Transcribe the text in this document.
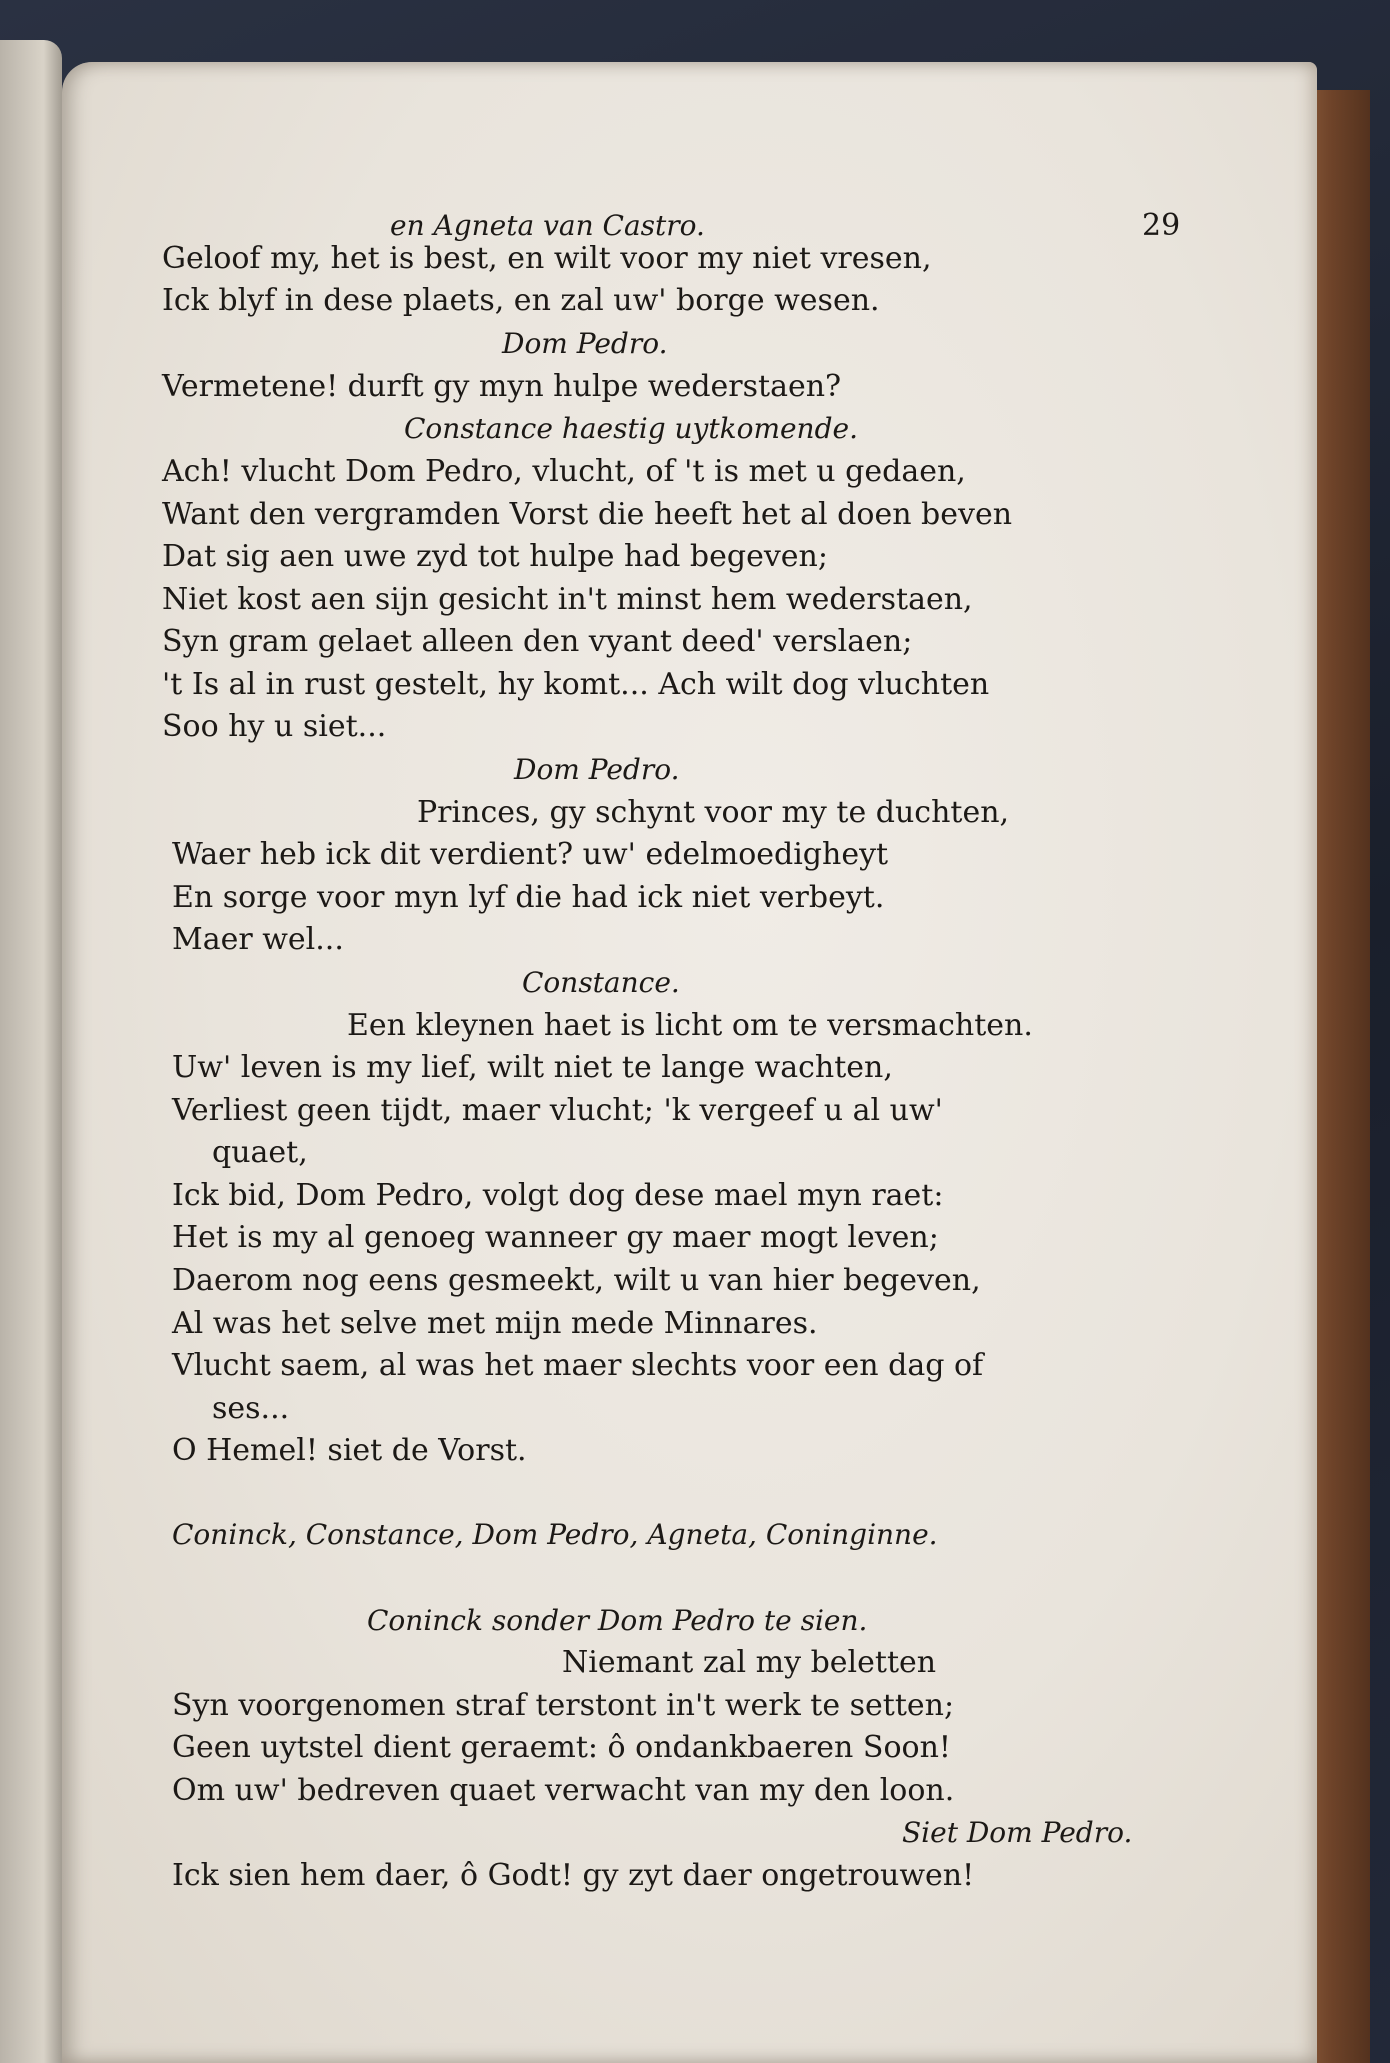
en Agneta van Castro.	29
Geloof my, het is best, en wilt voor my niet vresen,
Ick blyf in dese plaets, en zal uw' borge wesen.
Dom Pedro.
Vermetene! durft gy myn hulpe wederstaen?
Constance haestig uytkomende.
Ach! vlucht Dom Pedro, vlucht, of 't is met u gedaen,
Want den vergramden Vorst die heeft het al doen beven
Dat sig aen uwe zyd tot hulpe had begeven;
Niet kost aen sijn gesicht in't minst hem wederstaen,
Syn gram gelaet alleen den vyant deed' verslaen;
't Is al in rust gestelt, hy komt... Ach wilt dog vluchten
Soo hy u siet...
Dom Pedro.
Princes, gy schynt voor my te duchten,
Waer heb ick dit verdient? uw' edelmoedigheyt
En sorge voor myn lyf die had ick niet verbeyt.
Maer wel...
Constance.
Een kleynen haet is licht om te versmachten.
Uw' leven is my lief, wilt niet te lange wachten,
Verliest geen tijdt, maer vlucht; 'k vergeef u al uw'
quaet,
Ick bid, Dom Pedro, volgt dog dese mael myn raet:
Het is my al genoeg wanneer gy maer mogt leven;
Daerom nog eens gesmeekt, wilt u van hier begeven,
Al was het selve met mijn mede Minnares.
Vlucht saem, al was het maer slechts voor een dag of
ses...
O Hemel! siet de Vorst.
Coninck, Constance, Dom Pedro, Agneta, Coninginne.
Coninck sonder Dom Pedro te sien.
Niemant zal my beletten
Syn voorgenomen straf terstont in't werk te setten;
Geen uytstel dient geraemt: ô ondankbaeren Soon!
Om uw' bedreven quaet verwacht van my den loon.
Siet Dom Pedro.
Ick sien hem daer, ô Godt! gy zyt daer ongetrouwen!
